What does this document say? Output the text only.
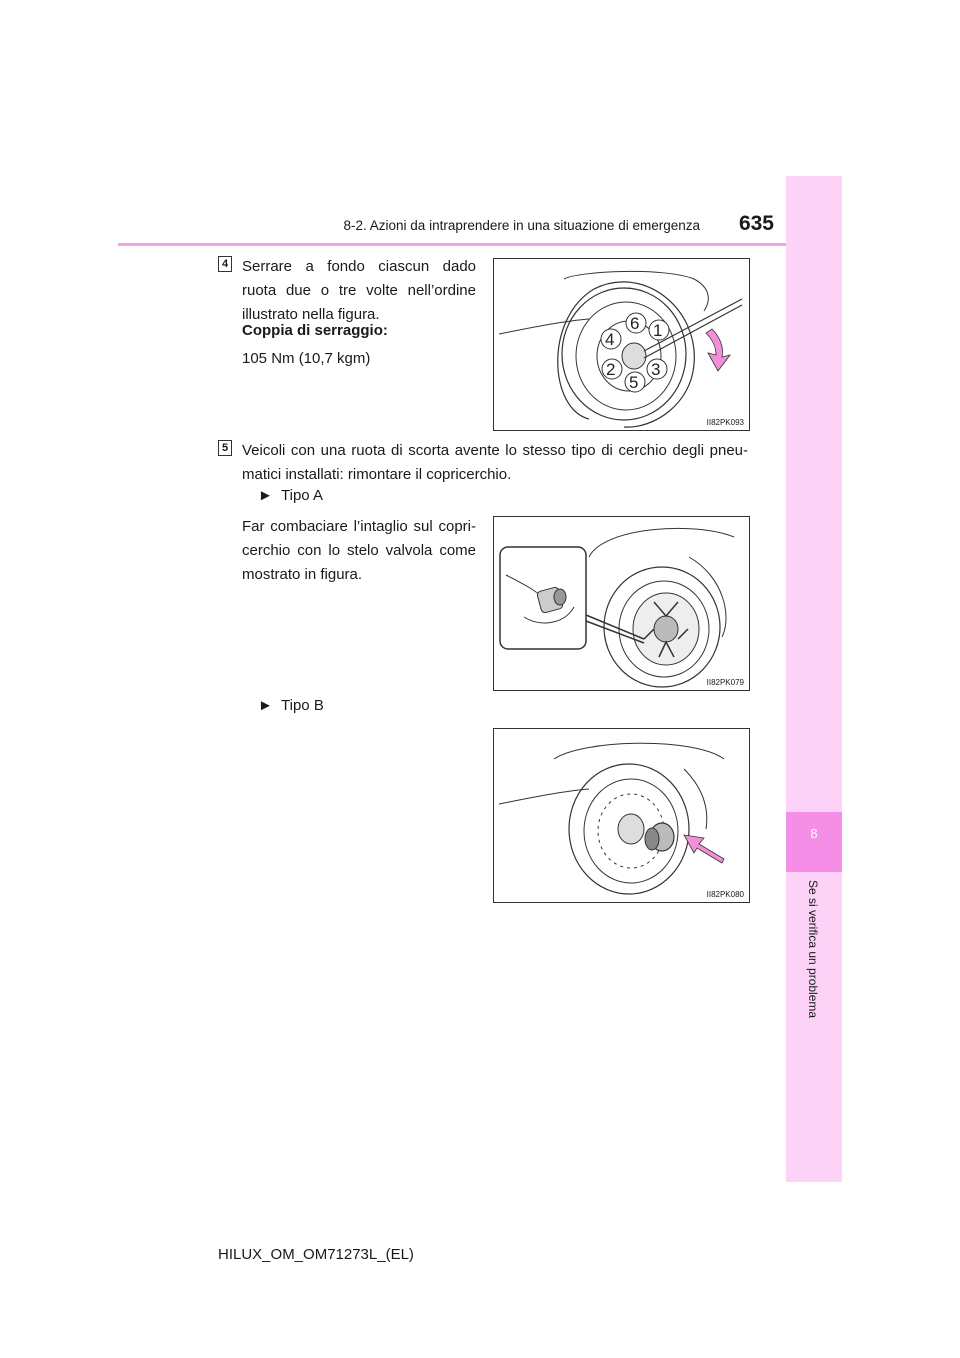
8-2. Azioni da intraprendere in una situazione di emergenza	635
8
Se si verifica un problema
4 Serrare a fondo ciascun dado ruota due o tre volte nell’ordine illustrato nella figura.
Coppia di serraggio:
105 Nm (10,7 kgm)
6 1
4
2 3
5
II82PK093
5 Veicoli con una ruota di scorta avente lo stesso tipo di cerchio degli pneu-matici installati: rimontare il copricerchio.
► Tipo A
Far combaciare l’intaglio sul copri-cerchio con lo stelo valvola come mostrato in figura.
II82PK079
► Tipo B
II82PK080
HILUX_OM_OM71273L_(EL)
